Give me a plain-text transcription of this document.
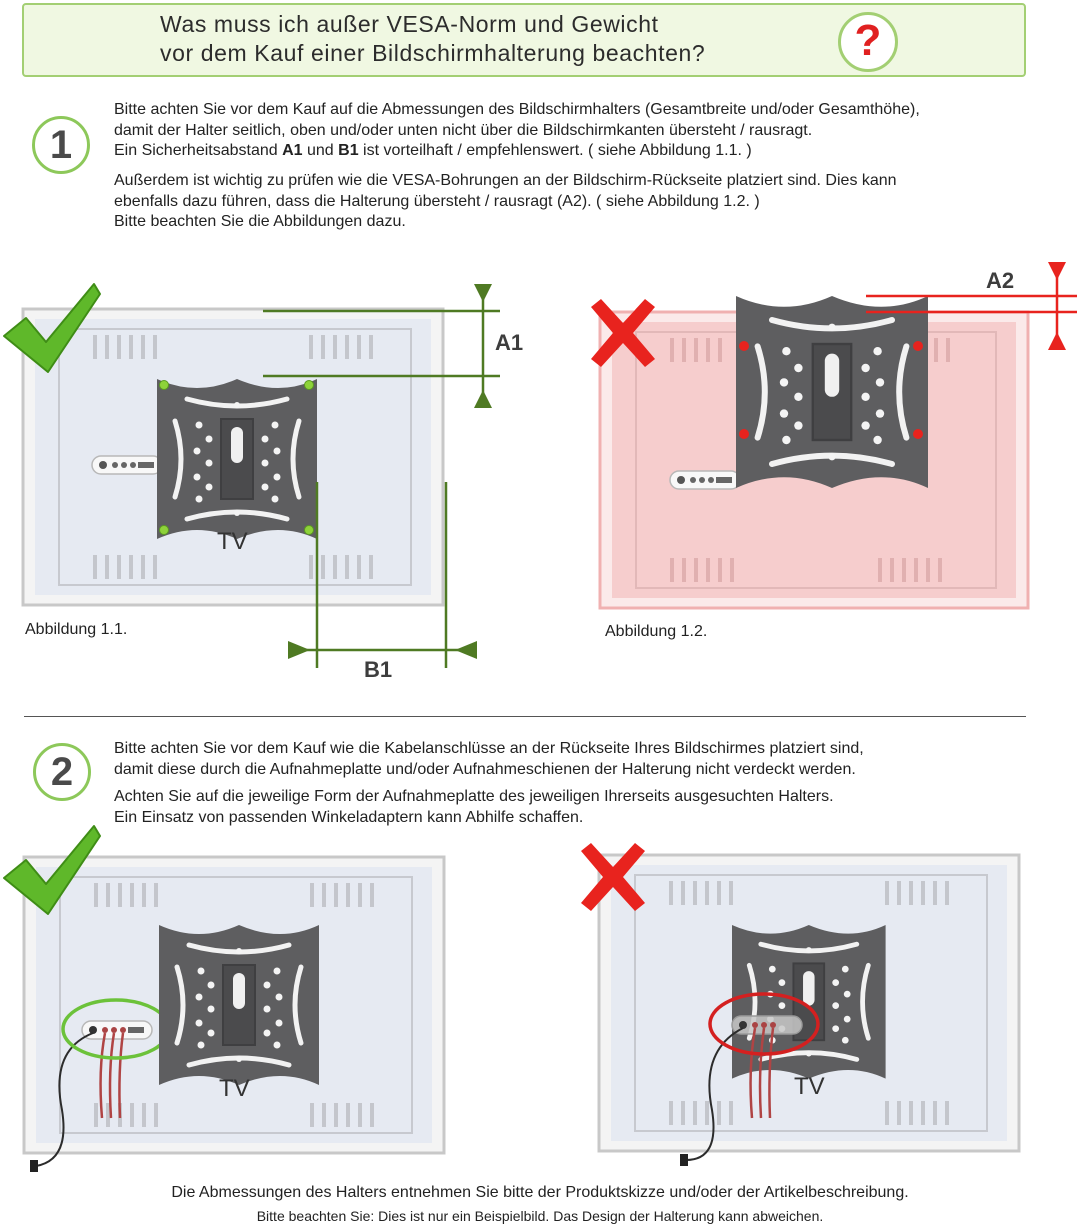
Was muss ich außer VESA-Norm und Gewicht
vor dem Kauf einer Bildschirmhalterung beachten?	?
1
Bitte achten Sie vor dem Kauf auf die Abmessungen des Bildschirmhalters (Gesamtbreite und/oder Gesamthöhe),
damit der Halter seitlich, oben und/oder unten nicht über die Bildschirmkanten übersteht / rausragt.
Ein Sicherheitsabstand A1 und B1 ist vorteilhaft / empfehlenswert. ( siehe Abbildung 1.1. )
Außerdem ist wichtig zu prüfen wie die VESA-Bohrungen an der Bildschirm-Rückseite platziert sind. Dies kann
ebenfalls dazu führen, dass die Halterung übersteht / rausragt (A2). ( siehe Abbildung 1.2. )
Bitte beachten Sie die Abbildungen dazu.
TV
A1
B1
Abbildung 1.1.
A2
Abbildung 1.2.
2
Bitte achten Sie vor dem Kauf wie die Kabelanschlüsse an der Rückseite Ihres Bildschirmes platziert sind,
damit diese durch die Aufnahmeplatte und/oder Aufnahmeschienen der Halterung nicht verdeckt werden.
Achten Sie auf die jeweilige Form der Aufnahmeplatte des jeweiligen Ihrerseits ausgesuchten Halters.
Ein Einsatz von passenden Winkeladaptern kann Abhilfe schaffen.
TV	TV
Die Abmessungen des Halters entnehmen Sie bitte der Produktskizze und/oder der Artikelbeschreibung.
Bitte beachten Sie: Dies ist nur ein Beispielbild. Das Design der Halterung kann abweichen.
